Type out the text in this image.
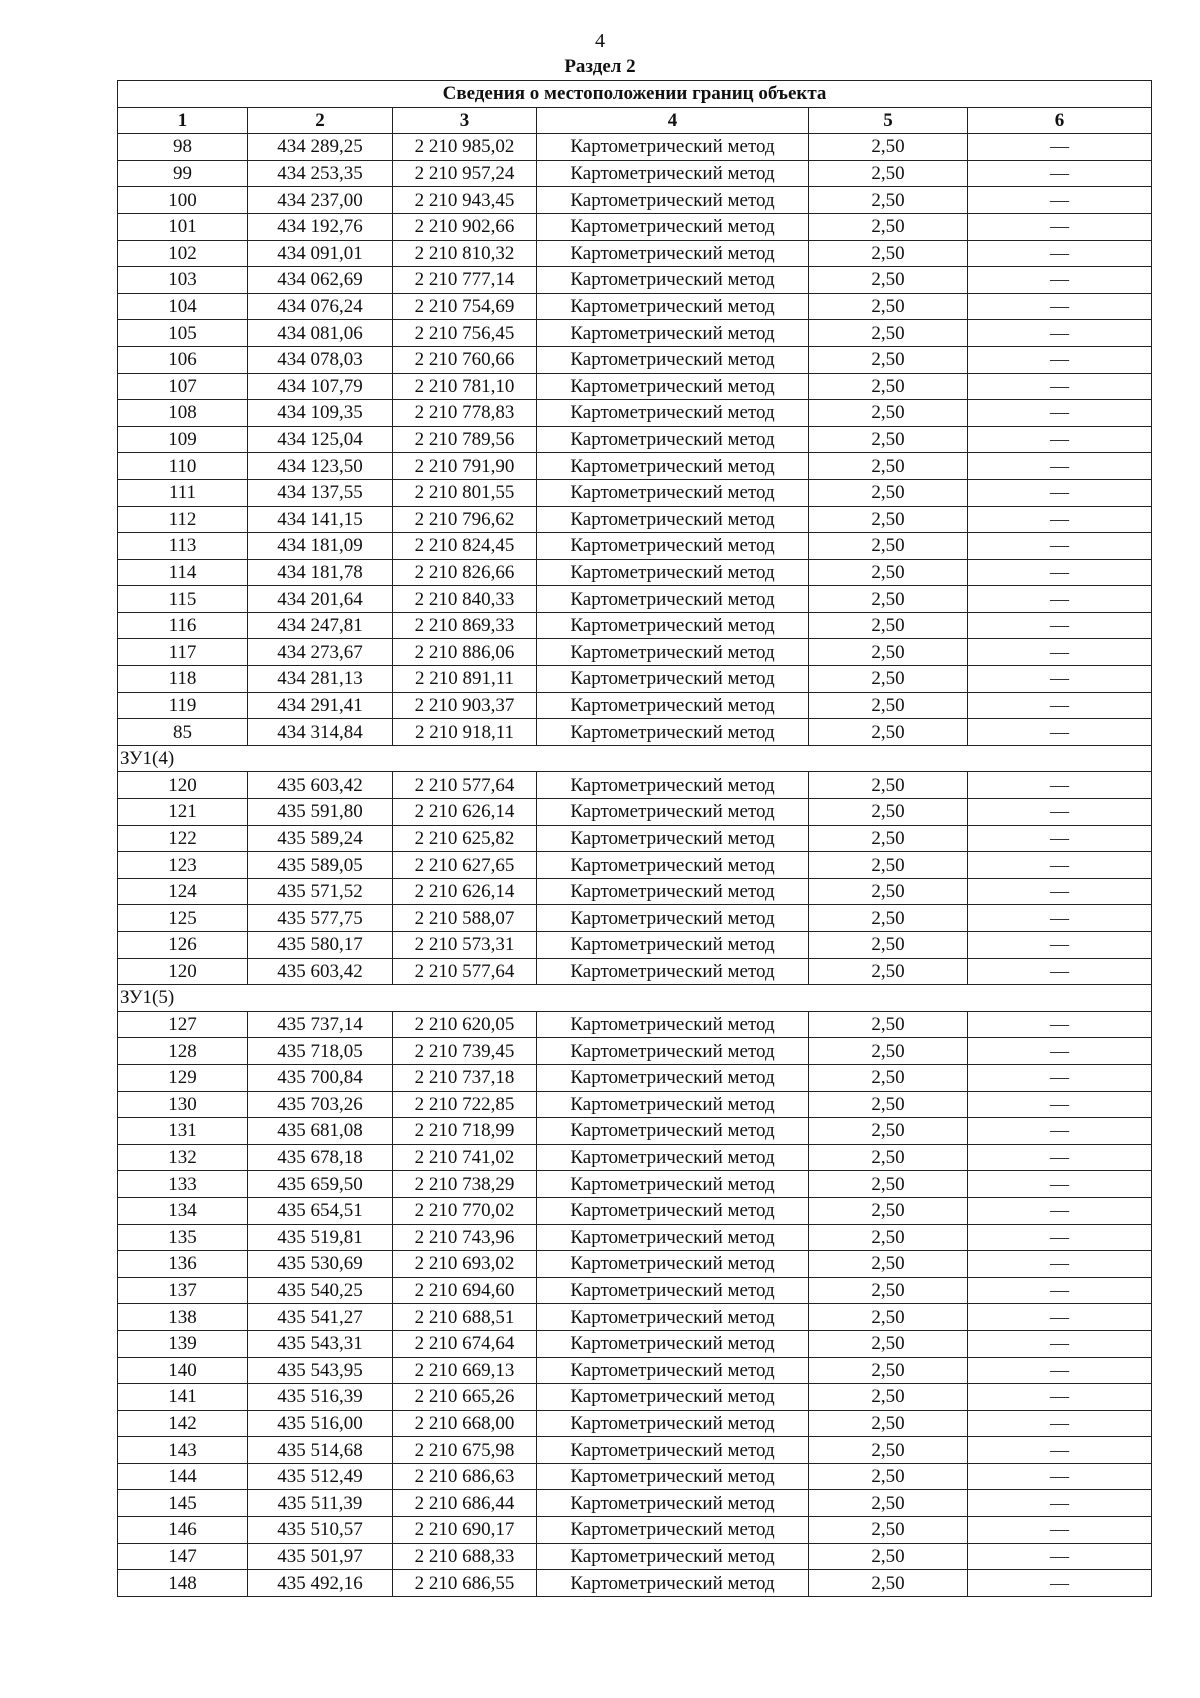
4
Раздел 2
Сведения о местоположении границ объекта					
1	2	3	4	5	6
98	434 289,25	2 210 985,02	Картометрический метод	2,50	—
99	434 253,35	2 210 957,24	Картометрический метод	2,50	—
100	434 237,00	2 210 943,45	Картометрический метод	2,50	—
101	434 192,76	2 210 902,66	Картометрический метод	2,50	—
102	434 091,01	2 210 810,32	Картометрический метод	2,50	—
103	434 062,69	2 210 777,14	Картометрический метод	2,50	—
104	434 076,24	2 210 754,69	Картометрический метод	2,50	—
105	434 081,06	2 210 756,45	Картометрический метод	2,50	—
106	434 078,03	2 210 760,66	Картометрический метод	2,50	—
107	434 107,79	2 210 781,10	Картометрический метод	2,50	—
108	434 109,35	2 210 778,83	Картометрический метод	2,50	—
109	434 125,04	2 210 789,56	Картометрический метод	2,50	—
110	434 123,50	2 210 791,90	Картометрический метод	2,50	—
111	434 137,55	2 210 801,55	Картометрический метод	2,50	—
112	434 141,15	2 210 796,62	Картометрический метод	2,50	—
113	434 181,09	2 210 824,45	Картометрический метод	2,50	—
114	434 181,78	2 210 826,66	Картометрический метод	2,50	—
115	434 201,64	2 210 840,33	Картометрический метод	2,50	—
116	434 247,81	2 210 869,33	Картометрический метод	2,50	—
117	434 273,67	2 210 886,06	Картометрический метод	2,50	—
118	434 281,13	2 210 891,11	Картометрический метод	2,50	—
119	434 291,41	2 210 903,37	Картометрический метод	2,50	—
85	434 314,84	2 210 918,11	Картометрический метод	2,50	—
ЗУ1(4)					
120	435 603,42	2 210 577,64	Картометрический метод	2,50	—
121	435 591,80	2 210 626,14	Картометрический метод	2,50	—
122	435 589,24	2 210 625,82	Картометрический метод	2,50	—
123	435 589,05	2 210 627,65	Картометрический метод	2,50	—
124	435 571,52	2 210 626,14	Картометрический метод	2,50	—
125	435 577,75	2 210 588,07	Картометрический метод	2,50	—
126	435 580,17	2 210 573,31	Картометрический метод	2,50	—
120	435 603,42	2 210 577,64	Картометрический метод	2,50	—
ЗУ1(5)					
127	435 737,14	2 210 620,05	Картометрический метод	2,50	—
128	435 718,05	2 210 739,45	Картометрический метод	2,50	—
129	435 700,84	2 210 737,18	Картометрический метод	2,50	—
130	435 703,26	2 210 722,85	Картометрический метод	2,50	—
131	435 681,08	2 210 718,99	Картометрический метод	2,50	—
132	435 678,18	2 210 741,02	Картометрический метод	2,50	—
133	435 659,50	2 210 738,29	Картометрический метод	2,50	—
134	435 654,51	2 210 770,02	Картометрический метод	2,50	—
135	435 519,81	2 210 743,96	Картометрический метод	2,50	—
136	435 530,69	2 210 693,02	Картометрический метод	2,50	—
137	435 540,25	2 210 694,60	Картометрический метод	2,50	—
138	435 541,27	2 210 688,51	Картометрический метод	2,50	—
139	435 543,31	2 210 674,64	Картометрический метод	2,50	—
140	435 543,95	2 210 669,13	Картометрический метод	2,50	—
141	435 516,39	2 210 665,26	Картометрический метод	2,50	—
142	435 516,00	2 210 668,00	Картометрический метод	2,50	—
143	435 514,68	2 210 675,98	Картометрический метод	2,50	—
144	435 512,49	2 210 686,63	Картометрический метод	2,50	—
145	435 511,39	2 210 686,44	Картометрический метод	2,50	—
146	435 510,57	2 210 690,17	Картометрический метод	2,50	—
147	435 501,97	2 210 688,33	Картометрический метод	2,50	—
148	435 492,16	2 210 686,55	Картометрический метод	2,50	—
